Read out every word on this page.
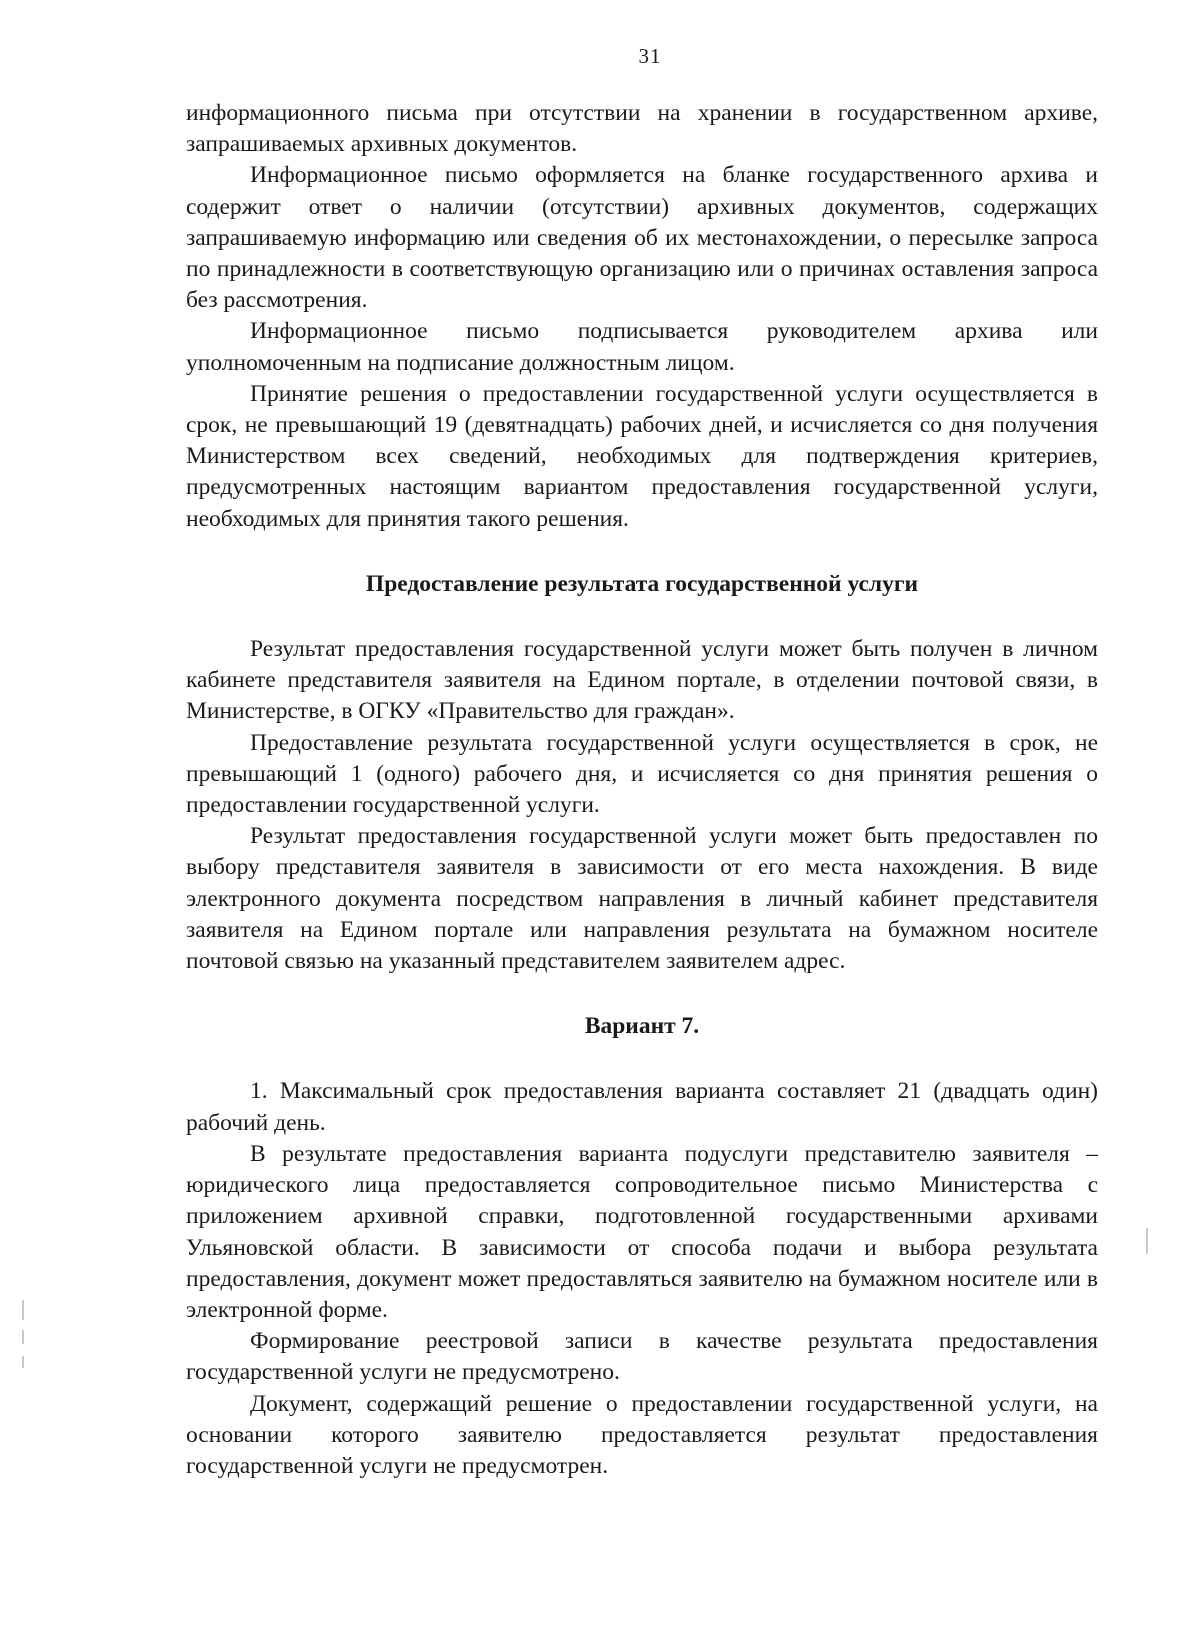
31

информационного письма при отсутствии на хранении в государственном архиве, запрашиваемых архивных документов.

Информационное письмо оформляется на бланке государственного архива и содержит ответ о наличии (отсутствии) архивных документов, содержащих запрашиваемую информацию или сведения об их местонахождении, о пересылке запроса по принадлежности в соответствующую организацию или о причинах оставления запроса без рассмотрения.

Информационное письмо подписывается руководителем архива или уполномоченным на подписание должностным лицом.

Принятие решения о предоставлении государственной услуги осуществляется в срок, не превышающий 19 (девятнадцать) рабочих дней, и исчисляется со дня получения Министерством всех сведений, необходимых для подтверждения критериев, предусмотренных настоящим вариантом предоставления государственной услуги, необходимых для принятия такого решения.

Предоставление результата государственной услуги

Результат предоставления государственной услуги может быть получен в личном кабинете представителя заявителя на Едином портале, в отделении почтовой связи, в Министерстве, в ОГКУ «Правительство для граждан».

Предоставление результата государственной услуги осуществляется в срок, не превышающий 1 (одного) рабочего дня, и исчисляется со дня принятия решения о предоставлении государственной услуги.

Результат предоставления государственной услуги может быть предоставлен по выбору представителя заявителя в зависимости от его места нахождения. В виде электронного документа посредством направления в личный кабинет представителя заявителя на Едином портале или направления результата на бумажном носителе почтовой связью на указанный представителем заявителем адрес.

Вариант 7.

1. Максимальный срок предоставления варианта составляет 21 (двадцать один) рабочий день.

В результате предоставления варианта подуслуги представителю заявителя – юридического лица предоставляется сопроводительное письмо Министерства с приложением архивной справки, подготовленной государственными архивами Ульяновской области. В зависимости от способа подачи и выбора результата предоставления, документ может предоставляться заявителю на бумажном носителе или в электронной форме.

Формирование реестровой записи в качестве результата предоставления государственной услуги не предусмотрено.

Документ, содержащий решение о предоставлении государственной услуги, на основании которого заявителю предоставляется результат предоставления государственной услуги не предусмотрен.
